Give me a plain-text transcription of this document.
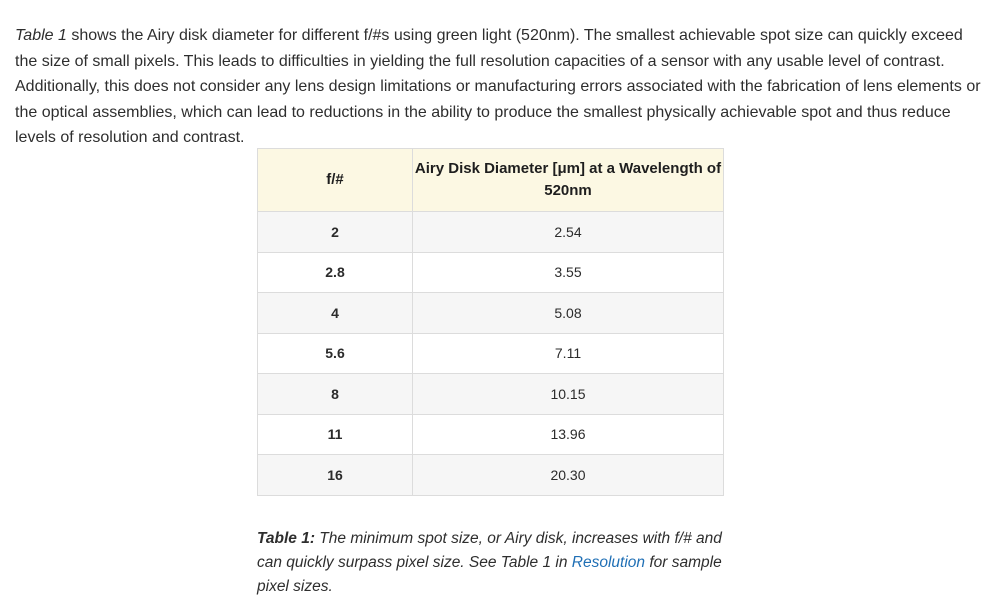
Table 1 shows the Airy disk diameter for different f/#s using green light (520nm). The smallest achievable spot size can quickly exceed the size of small pixels. This leads to difficulties in yielding the full resolution capacities of a sensor with any usable level of contrast. Additionally, this does not consider any lens design limitations or manufacturing errors associated with the fabrication of lens elements or the optical assemblies, which can lead to reductions in the ability to produce the smallest physically achievable spot and thus reduce levels of resolution and contrast.

f/#	Airy Disk Diameter [μm] at a Wavelength of 520nm
2	2.54
2.8	3.55
4	5.08
5.6	7.11
8	10.15
11	13.96
16	20.30

Table 1: The minimum spot size, or Airy disk, increases with f/# and can quickly surpass pixel size. See Table 1 in Resolution for sample pixel sizes.
